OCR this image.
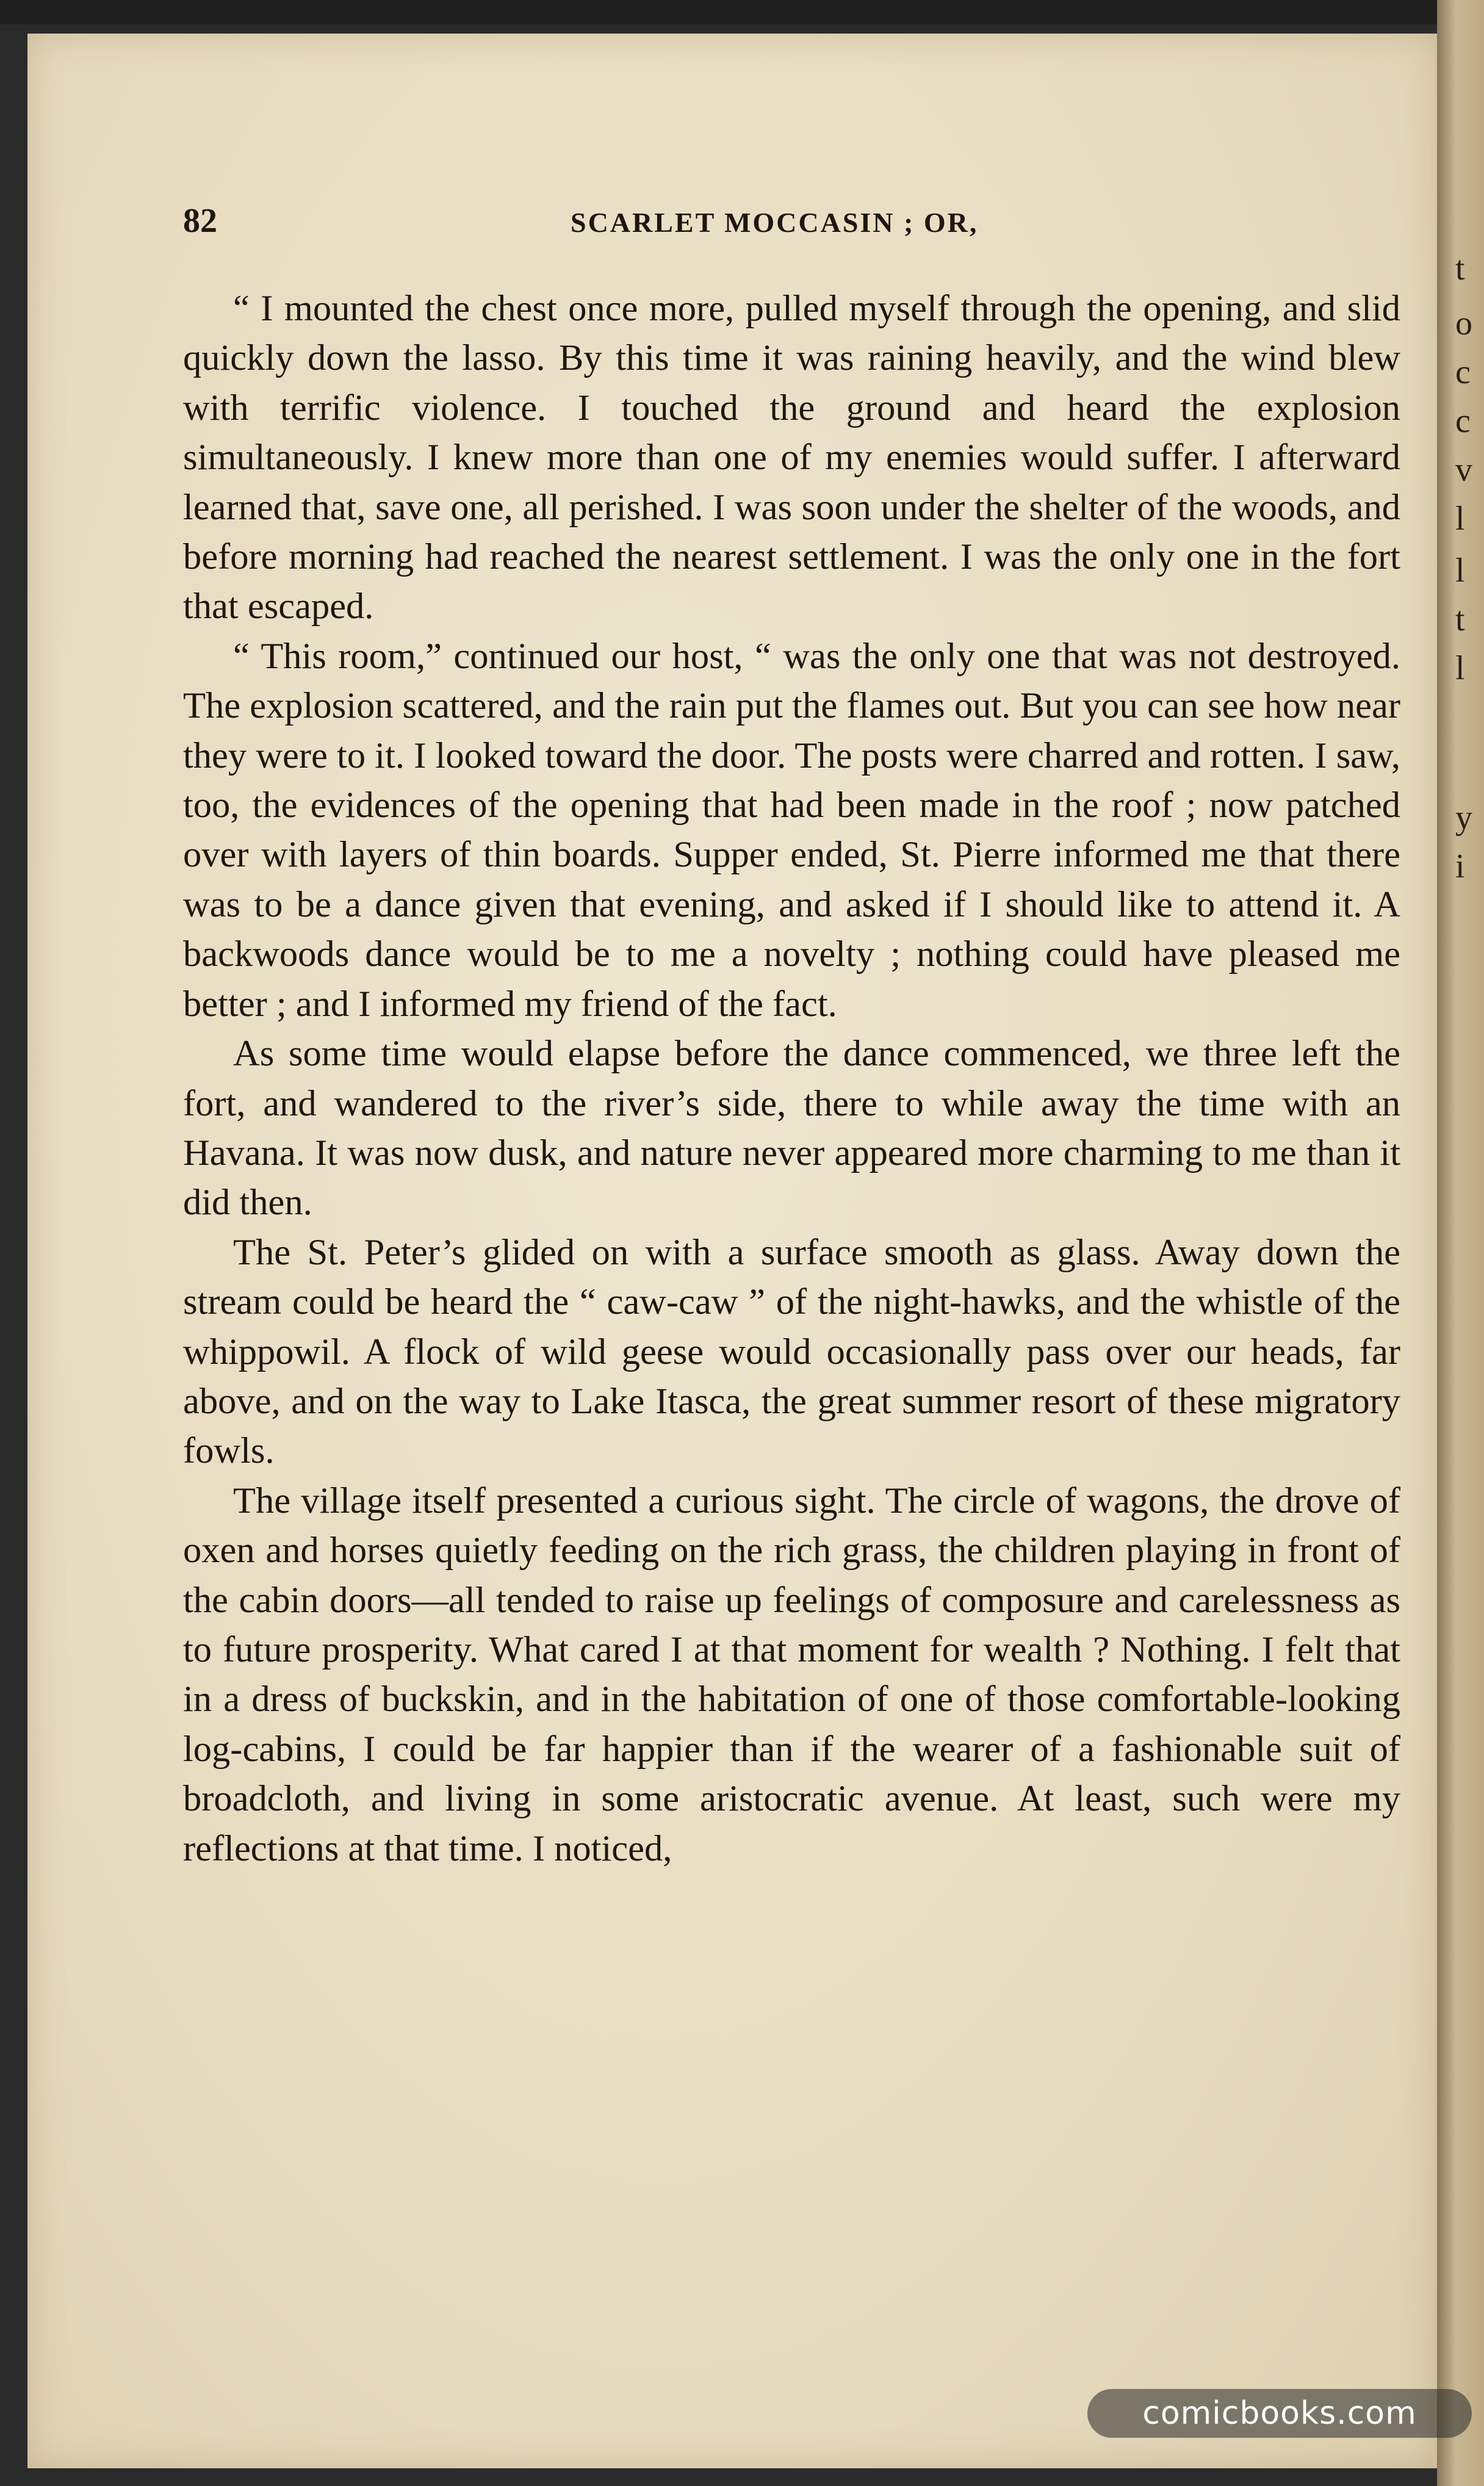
t
o
c
c
v
l
l
t
l
y
i
82	SCARLET MOCCASIN ; OR,

“ I mounted the chest once more, pulled myself through the opening, and slid quickly down the lasso. By this time it was raining heavily, and the wind blew with terrific violence. I touched the ground and heard the explosion simultaneously. I knew more than one of my enemies would suffer. I afterward learned that, save one, all perished. I was soon under the shelter of the woods, and before morning had reached the nearest settlement. I was the only one in the fort that escaped.

“ This room,” continued our host, “ was the only one that was not destroyed. The explosion scattered, and the rain put the flames out. But you can see how near they were to it. I looked toward the door. The posts were charred and rotten. I saw, too, the evidences of the opening that had been made in the roof ; now patched over with layers of thin boards. Supper ended, St. Pierre informed me that there was to be a dance given that evening, and asked if I should like to attend it. A backwoods dance would be to me a novelty ; nothing could have pleased me better ; and I informed my friend of the fact.

As some time would elapse before the dance commenced, we three left the fort, and wandered to the river’s side, there to while away the time with an Havana. It was now dusk, and nature never appeared more charming to me than it did then.

The St. Peter’s glided on with a surface smooth as glass. Away down the stream could be heard the “ caw-caw ” of the night-hawks, and the whistle of the whippowil. A flock of wild geese would occasionally pass over our heads, far above, and on the way to Lake Itasca, the great summer resort of these migratory fowls.

The village itself presented a curious sight. The circle of wagons, the drove of oxen and horses quietly feeding on the rich grass, the children playing in front of the cabin doors—all tended to raise up feelings of composure and carelessness as to future prosperity. What cared I at that moment for wealth ? Nothing. I felt that in a dress of buckskin, and in the habitation of one of those comfortable-looking log-cabins, I could be far happier than if the wearer of a fashionable suit of broadcloth, and living in some aristocratic avenue. At least, such were my reflections at that time. I noticed,

comicbooks.com
